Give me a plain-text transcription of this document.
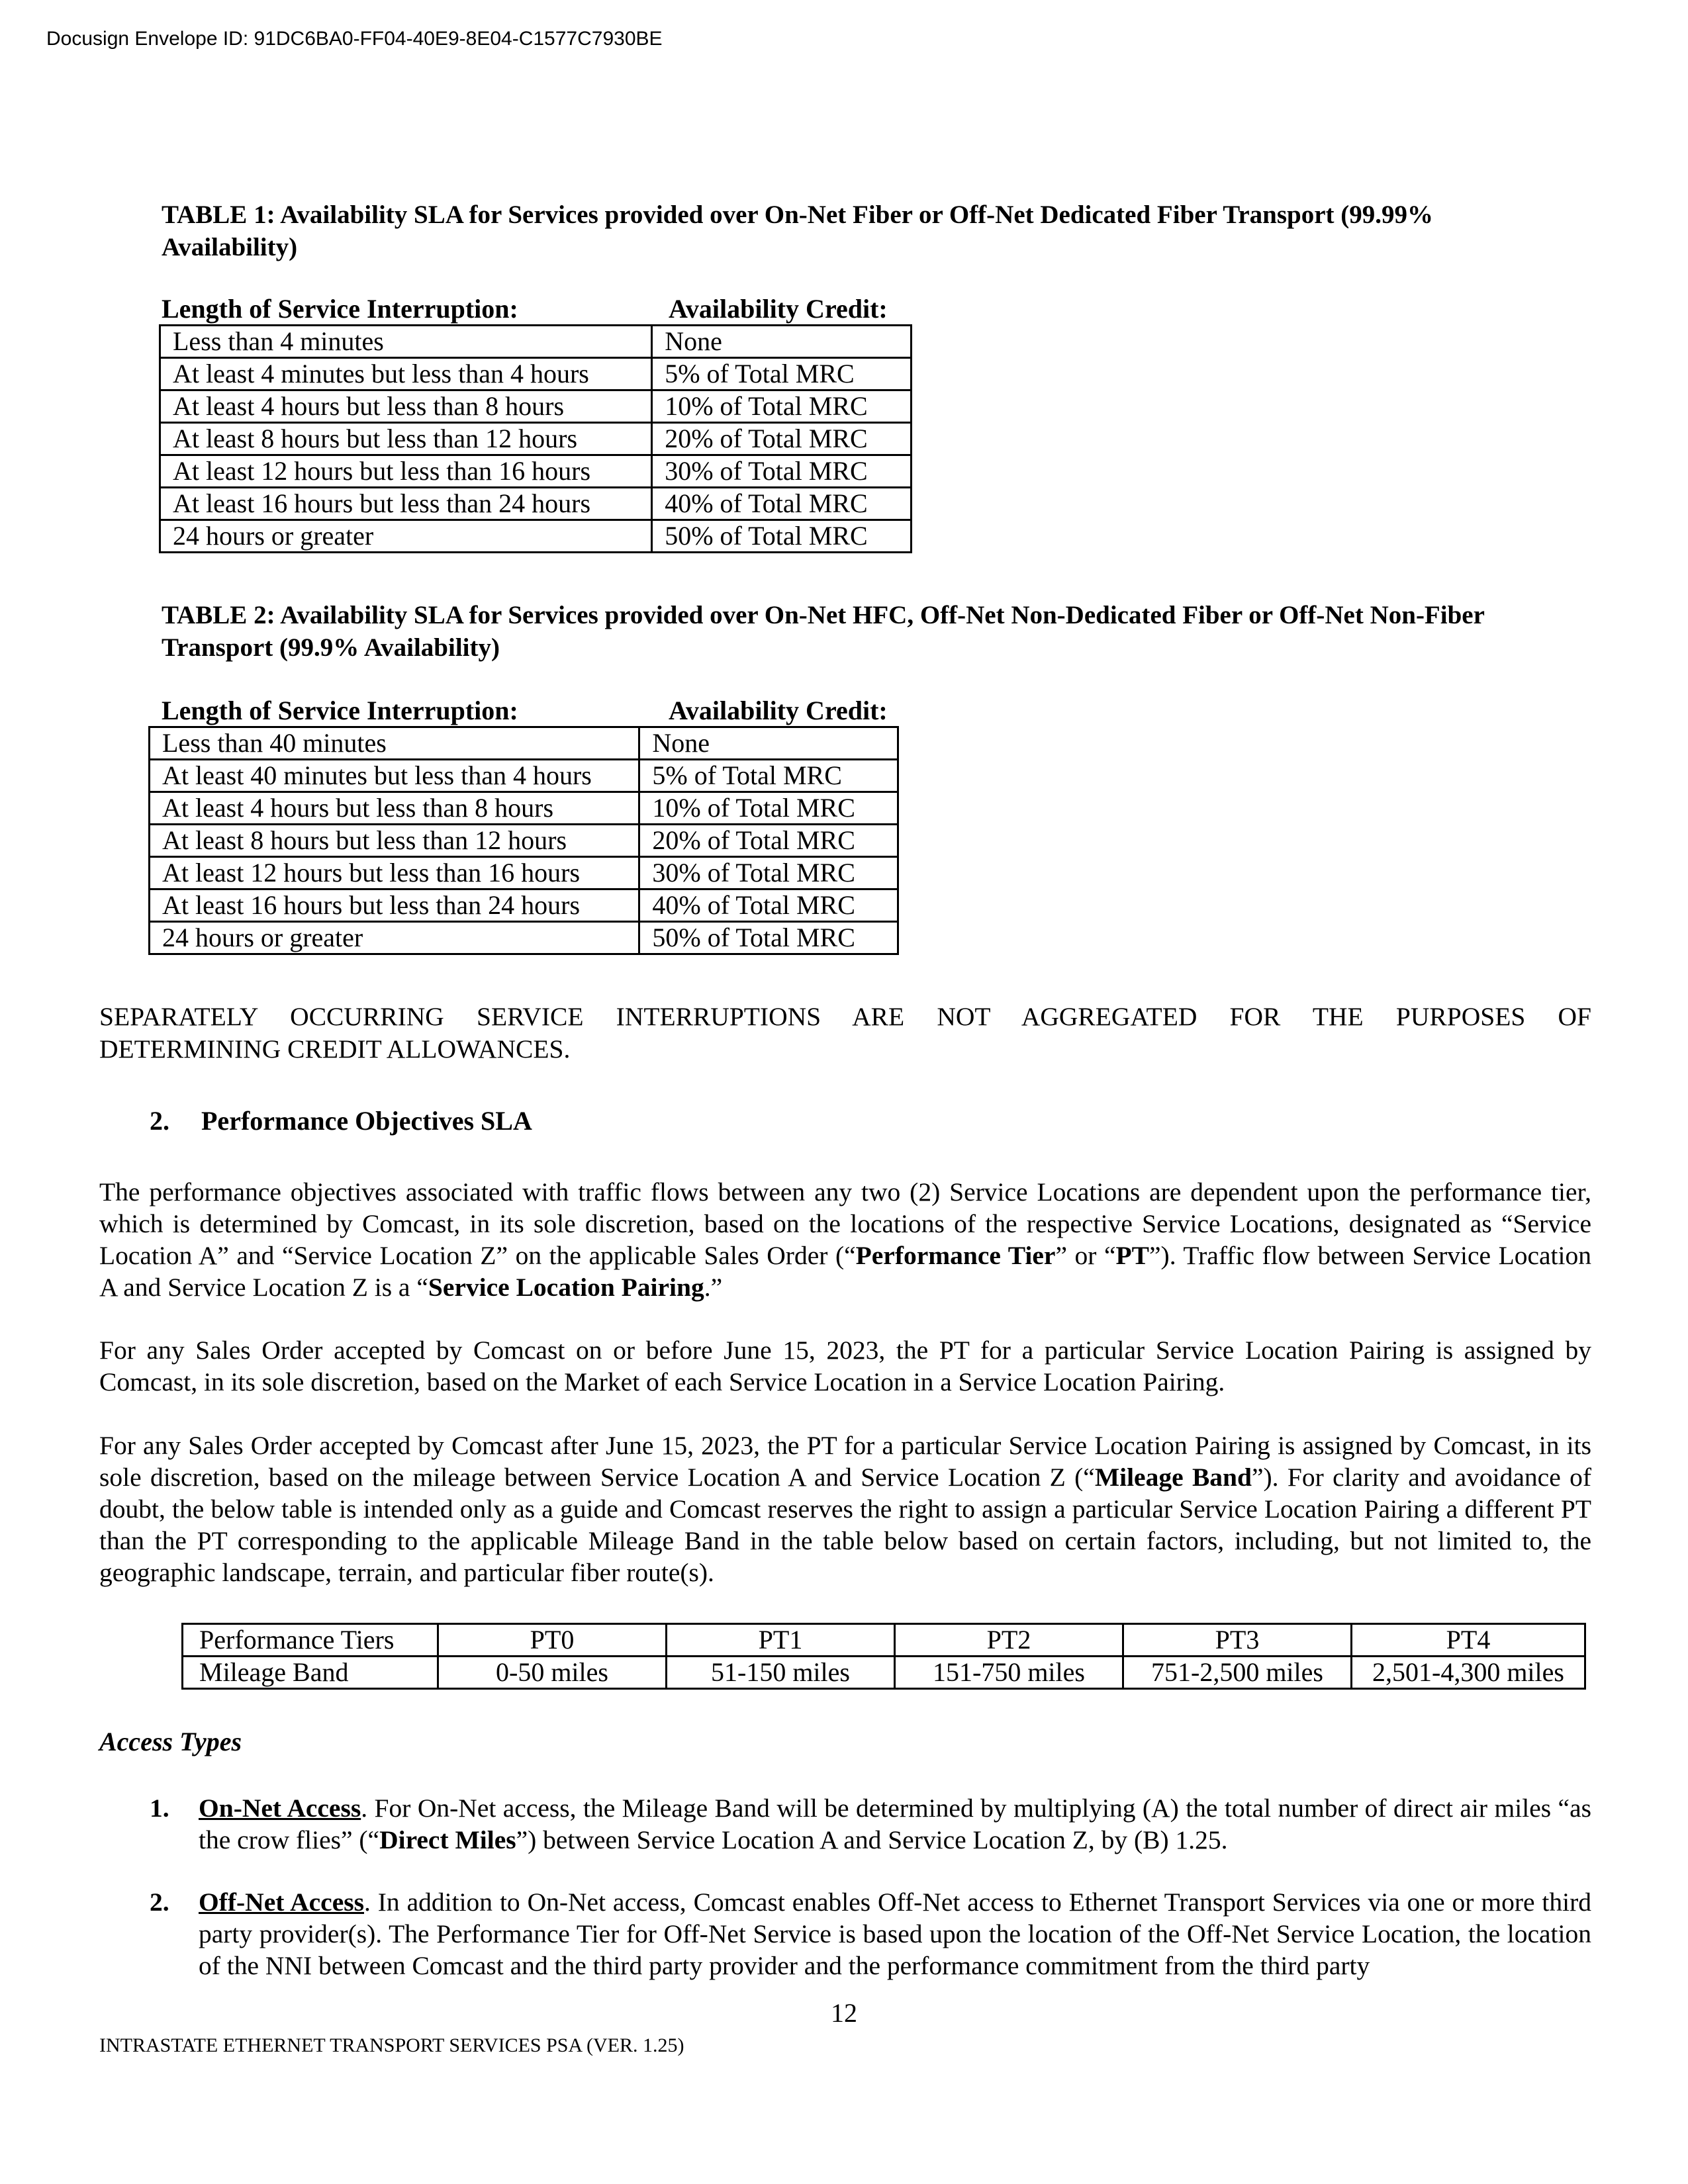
Docusign Envelope ID: 91DC6BA0-FF04-40E9-8E04-C1577C7930BE
TABLE 1: Availability SLA for Services provided over On-Net Fiber or Off-Net Dedicated Fiber Transport (99.99% Availability)
Length of Service Interruption:	Availability Credit:
Less than 4 minutes	None
At least 4 minutes but less than 4 hours	5% of Total MRC
At least 4 hours but less than 8 hours	10% of Total MRC
At least 8 hours but less than 12 hours	20% of Total MRC
At least 12 hours but less than 16 hours	30% of Total MRC
At least 16 hours but less than 24 hours	40% of Total MRC
24 hours or greater	50% of Total MRC
TABLE 2: Availability SLA for Services provided over On-Net HFC, Off-Net Non-Dedicated Fiber or Off-Net Non-Fiber Transport (99.9% Availability)
Length of Service Interruption:	Availability Credit:
Less than 40 minutes	None
At least 40 minutes but less than 4 hours	5% of Total MRC
At least 4 hours but less than 8 hours	10% of Total MRC
At least 8 hours but less than 12 hours	20% of Total MRC
At least 12 hours but less than 16 hours	30% of Total MRC
At least 16 hours but less than 24 hours	40% of Total MRC
24 hours or greater	50% of Total MRC
SEPARATELY OCCURRING SERVICE INTERRUPTIONS ARE NOT AGGREGATED FOR THE PURPOSES OF
DETERMINING CREDIT ALLOWANCES.
2. Performance Objectives SLA
The performance objectives associated with traffic flows between any two (2) Service Locations are dependent upon the performance tier, which is determined by Comcast, in its sole discretion, based on the locations of the respective Service Locations, designated as “Service Location A” and “Service Location Z” on the applicable Sales Order (“Performance Tier” or “PT”). Traffic flow between Service Location A and Service Location Z is a “Service Location Pairing.”
For any Sales Order accepted by Comcast on or before June 15, 2023, the PT for a particular Service Location Pairing is assigned by Comcast, in its sole discretion, based on the Market of each Service Location in a Service Location Pairing.
For any Sales Order accepted by Comcast after June 15, 2023, the PT for a particular Service Location Pairing is assigned by Comcast, in its sole discretion, based on the mileage between Service Location A and Service Location Z (“Mileage Band”). For clarity and avoidance of doubt, the below table is intended only as a guide and Comcast reserves the right to assign a particular Service Location Pairing a different PT than the PT corresponding to the applicable Mileage Band in the table below based on certain factors, including, but not limited to, the geographic landscape, terrain, and particular fiber route(s).
Performance Tiers	PT0	PT1	PT2	PT3	PT4
Mileage Band	0-50 miles	51-150 miles	151-750 miles	751-2,500 miles	2,501-4,300 miles
Access Types
1. On-Net Access. For On-Net access, the Mileage Band will be determined by multiplying (A) the total number of direct air miles “as the crow flies” (“Direct Miles”) between Service Location A and Service Location Z, by (B) 1.25.
2. Off-Net Access. In addition to On-Net access, Comcast enables Off-Net access to Ethernet Transport Services via one or more third party provider(s). The Performance Tier for Off-Net Service is based upon the location of the Off-Net Service Location, the location of the NNI between Comcast and the third party provider and the performance commitment from the third party
12
INTRASTATE ETHERNET TRANSPORT SERVICES PSA (VER. 1.25)
